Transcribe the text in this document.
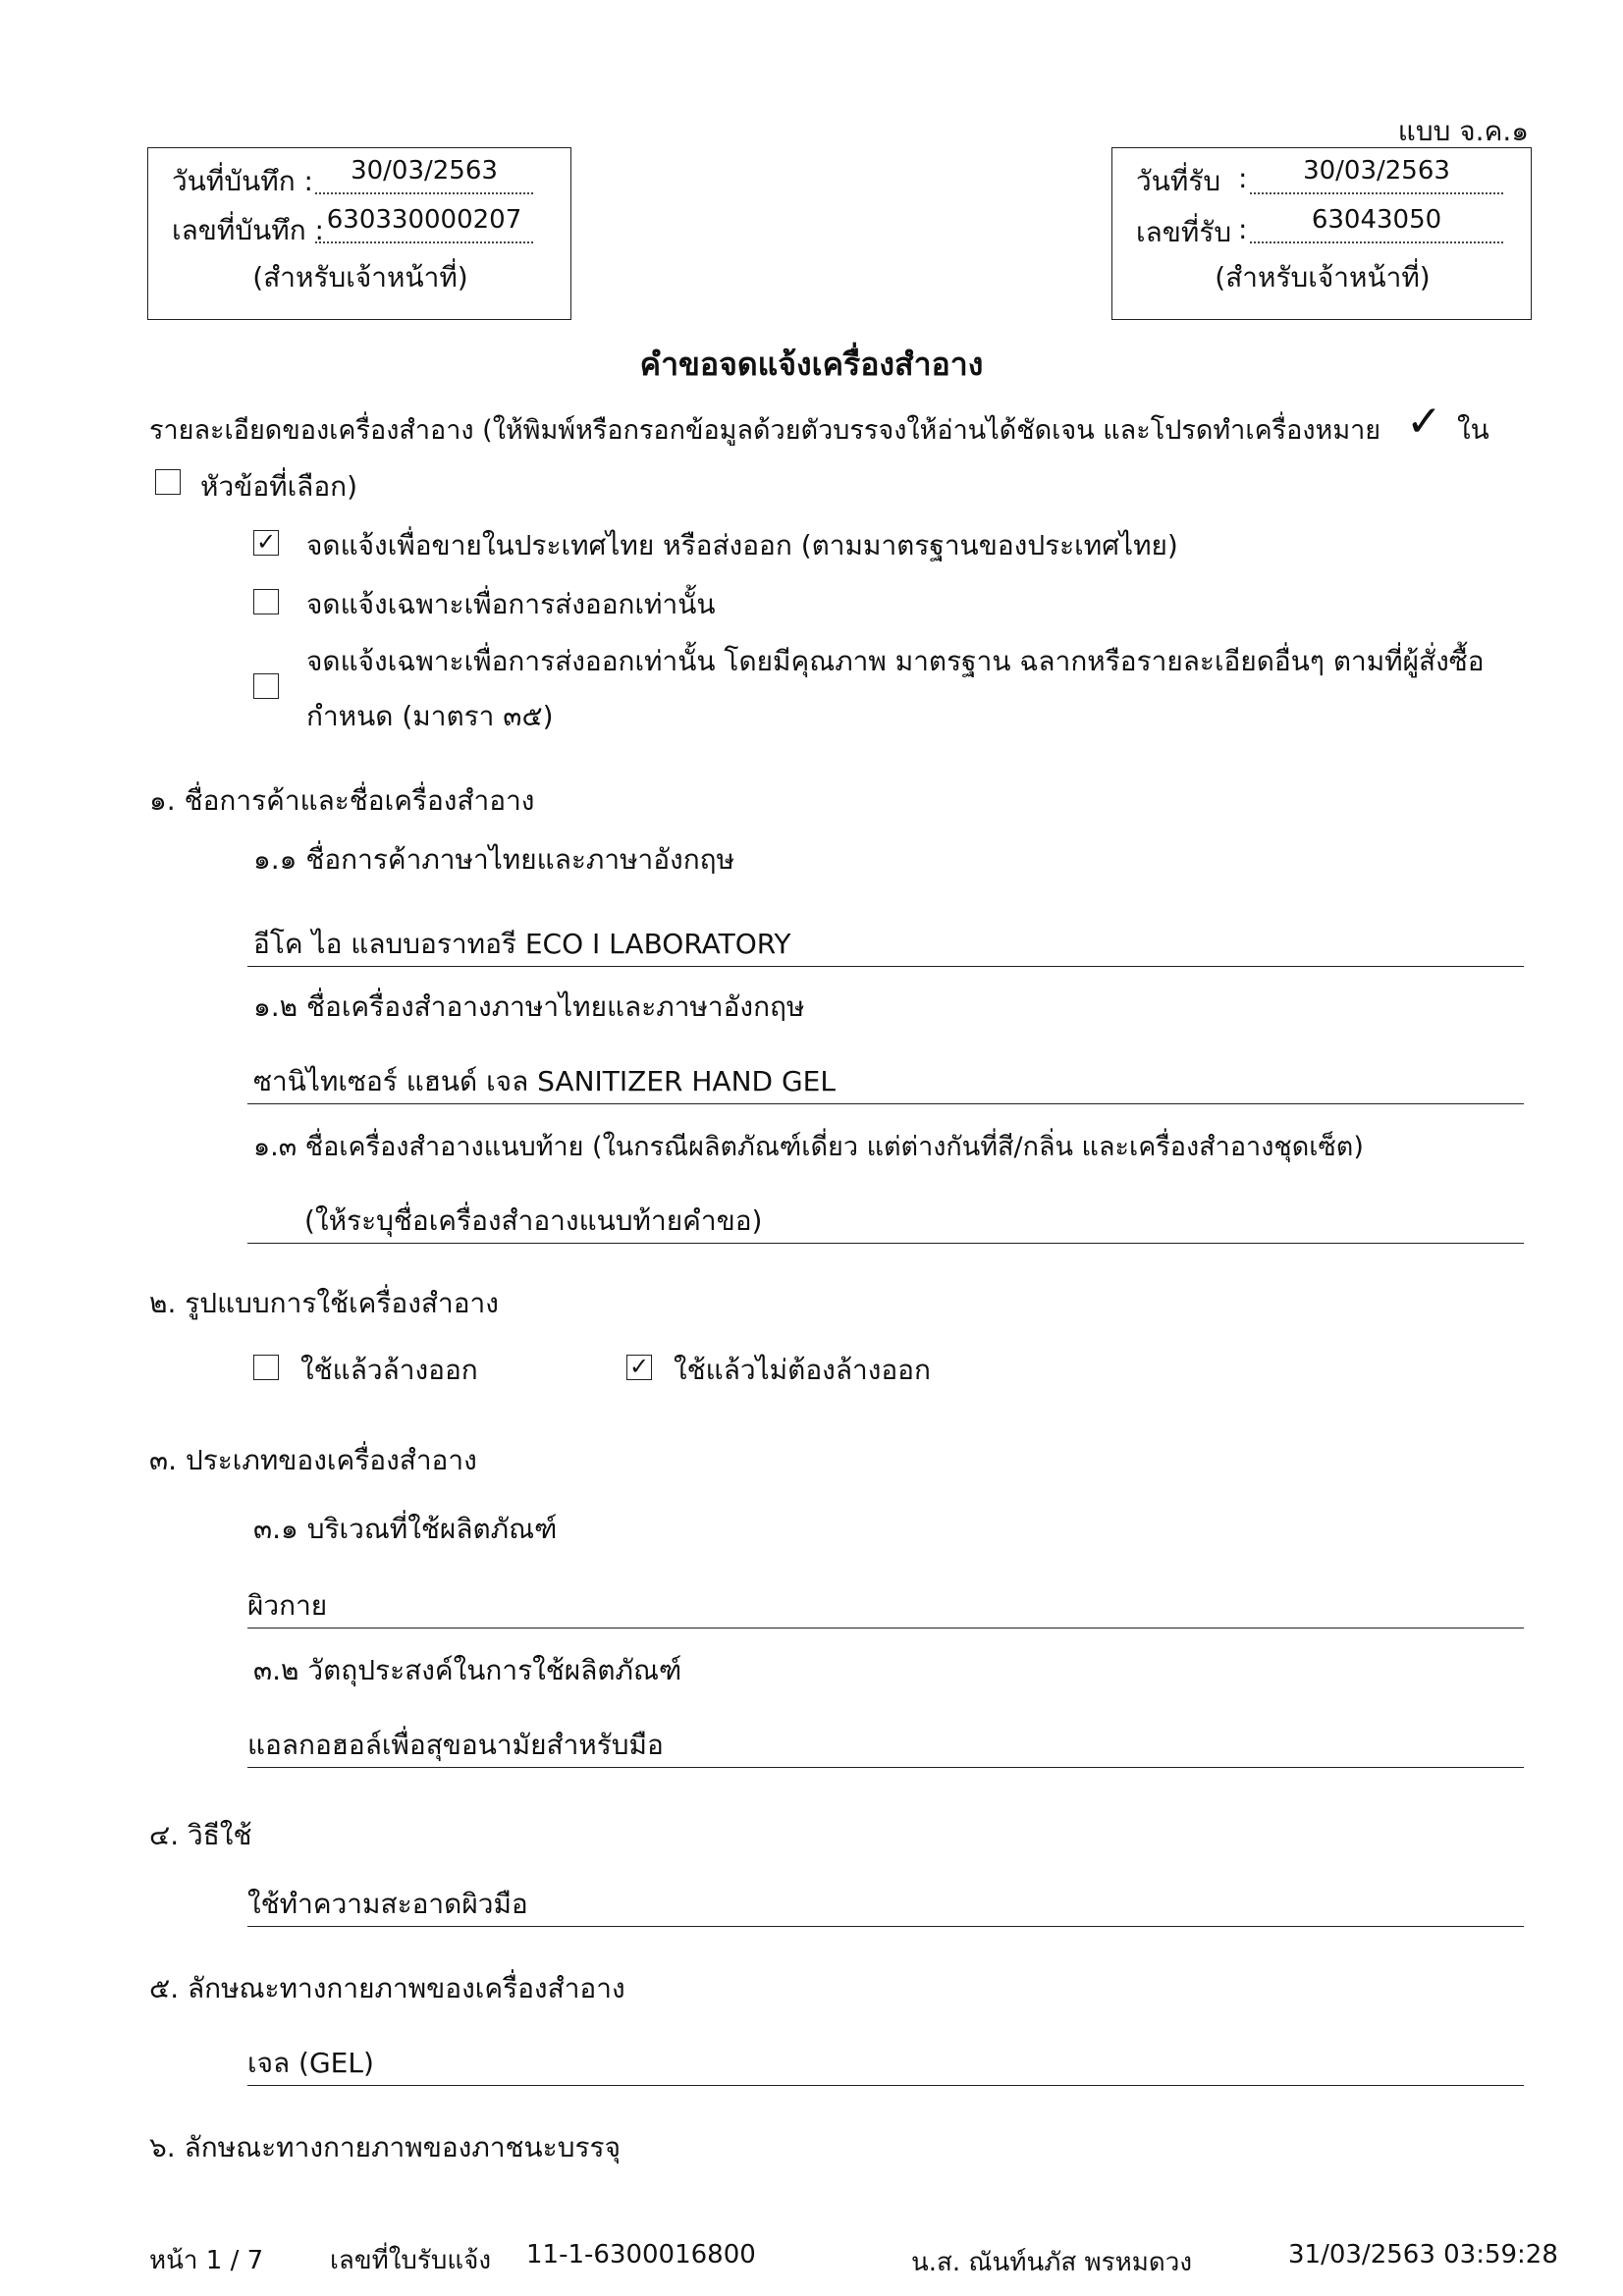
แบบ จ.ค.๑
วันที่บันทึก :	30/03/2563
เลขที่บันทึก : 630330000207
(สำหรับเจ้าหน้าที่)
วันที่รับ :	30/03/2563
เลขที่รับ :	63043050
(สำหรับเจ้าหน้าที่)
คำขอจดแจ้งเครื่องสำอาง
รายละเอียดของเครื่องสำอาง (ให้พิมพ์หรือกรอกข้อมูลด้วยตัวบรรจงให้อ่านได้ชัดเจน และโปรดทำเครื่องหมาย ✓ ใน
หัวข้อที่เลือก)
✓ จดแจ้งเพื่อขายในประเทศไทย หรือส่งออก (ตามมาตรฐานของประเทศไทย)
จดแจ้งเฉพาะเพื่อการส่งออกเท่านั้น
จดแจ้งเฉพาะเพื่อการส่งออกเท่านั้น โดยมีคุณภาพ มาตรฐาน ฉลากหรือรายละเอียดอื่นๆ ตามที่ผู้สั่งซื้อ
กำหนด (มาตรา ๓๕)
๑. ชื่อการค้าและชื่อเครื่องสำอาง
๑.๑ ชื่อการค้าภาษาไทยและภาษาอังกฤษ
อีโค ไอ แลบบอราทอรี ECO I LABORATORY
๑.๒ ชื่อเครื่องสำอางภาษาไทยและภาษาอังกฤษ
ซานิไทเซอร์ แฮนด์ เจล SANITIZER HAND GEL
๑.๓ ชื่อเครื่องสำอางแนบท้าย (ในกรณีผลิตภัณฑ์เดี่ยว แต่ต่างกันที่สี/กลิ่น และเครื่องสำอางชุดเซ็ต)
(ให้ระบุชื่อเครื่องสำอางแนบท้ายคำขอ)
๒. รูปแบบการใช้เครื่องสำอาง
ใช้แล้วล้างออก	✓ ใช้แล้วไม่ต้องล้างออก
๓. ประเภทของเครื่องสำอาง
๓.๑ บริเวณที่ใช้ผลิตภัณฑ์
ผิวกาย
๓.๒ วัตถุประสงค์ในการใช้ผลิตภัณฑ์
แอลกอฮอล์เพื่อสุขอนามัยสำหรับมือ
๔. วิธีใช้
ใช้ทำความสะอาดผิวมือ
๕. ลักษณะทางกายภาพของเครื่องสำอาง
เจล (GEL)
๖. ลักษณะทางกายภาพของภาชนะบรรจุ
หน้า 1 / 7	เลขที่ใบรับแจ้ง 11-1-6300016800	น.ส. ณันท์นภัส พรหมดวง	31/03/2563 03:59:28
